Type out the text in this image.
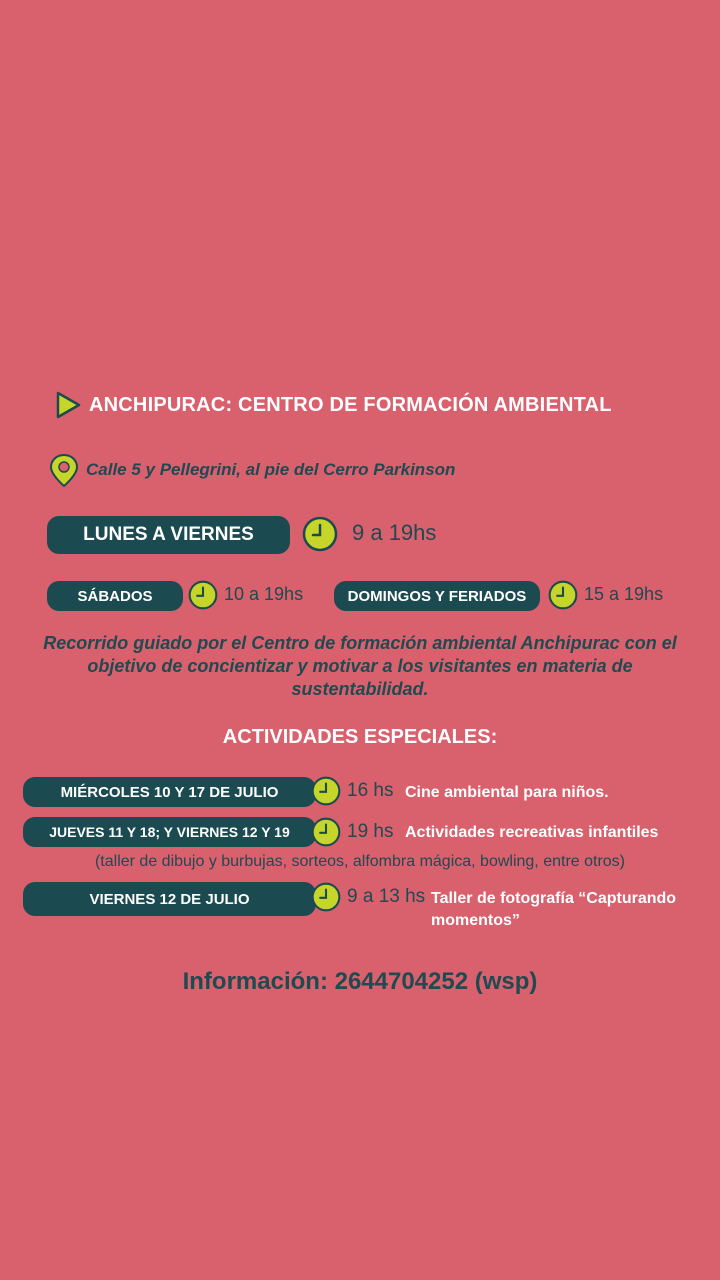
ANCHIPURAC: CENTRO DE FORMACIÓN AMBIENTAL
Calle 5 y Pellegrini, al pie del Cerro Parkinson
LUNES A VIERNES	9 a 19hs
SÁBADOS	10 a 19hs	DOMINGOS Y FERIADOS	15 a 19hs
Recorrido guiado por el Centro de formación ambiental Anchipurac con el objetivo de concientizar y motivar a los visitantes en materia de sustentabilidad.
ACTIVIDADES ESPECIALES:
MIÉRCOLES 10 Y 17 DE JULIO	16 hs Cine ambiental para niños.
JUEVES 11 Y 18; Y VIERNES 12 Y 19	19 hs Actividades recreativas infantiles
(taller de dibujo y burbujas, sorteos, alfombra mágica, bowling, entre otros)
VIERNES 12 DE JULIO	9 a 13 hs Taller de fotografía “Capturando
momentos”
Información: 2644704252 (wsp)
